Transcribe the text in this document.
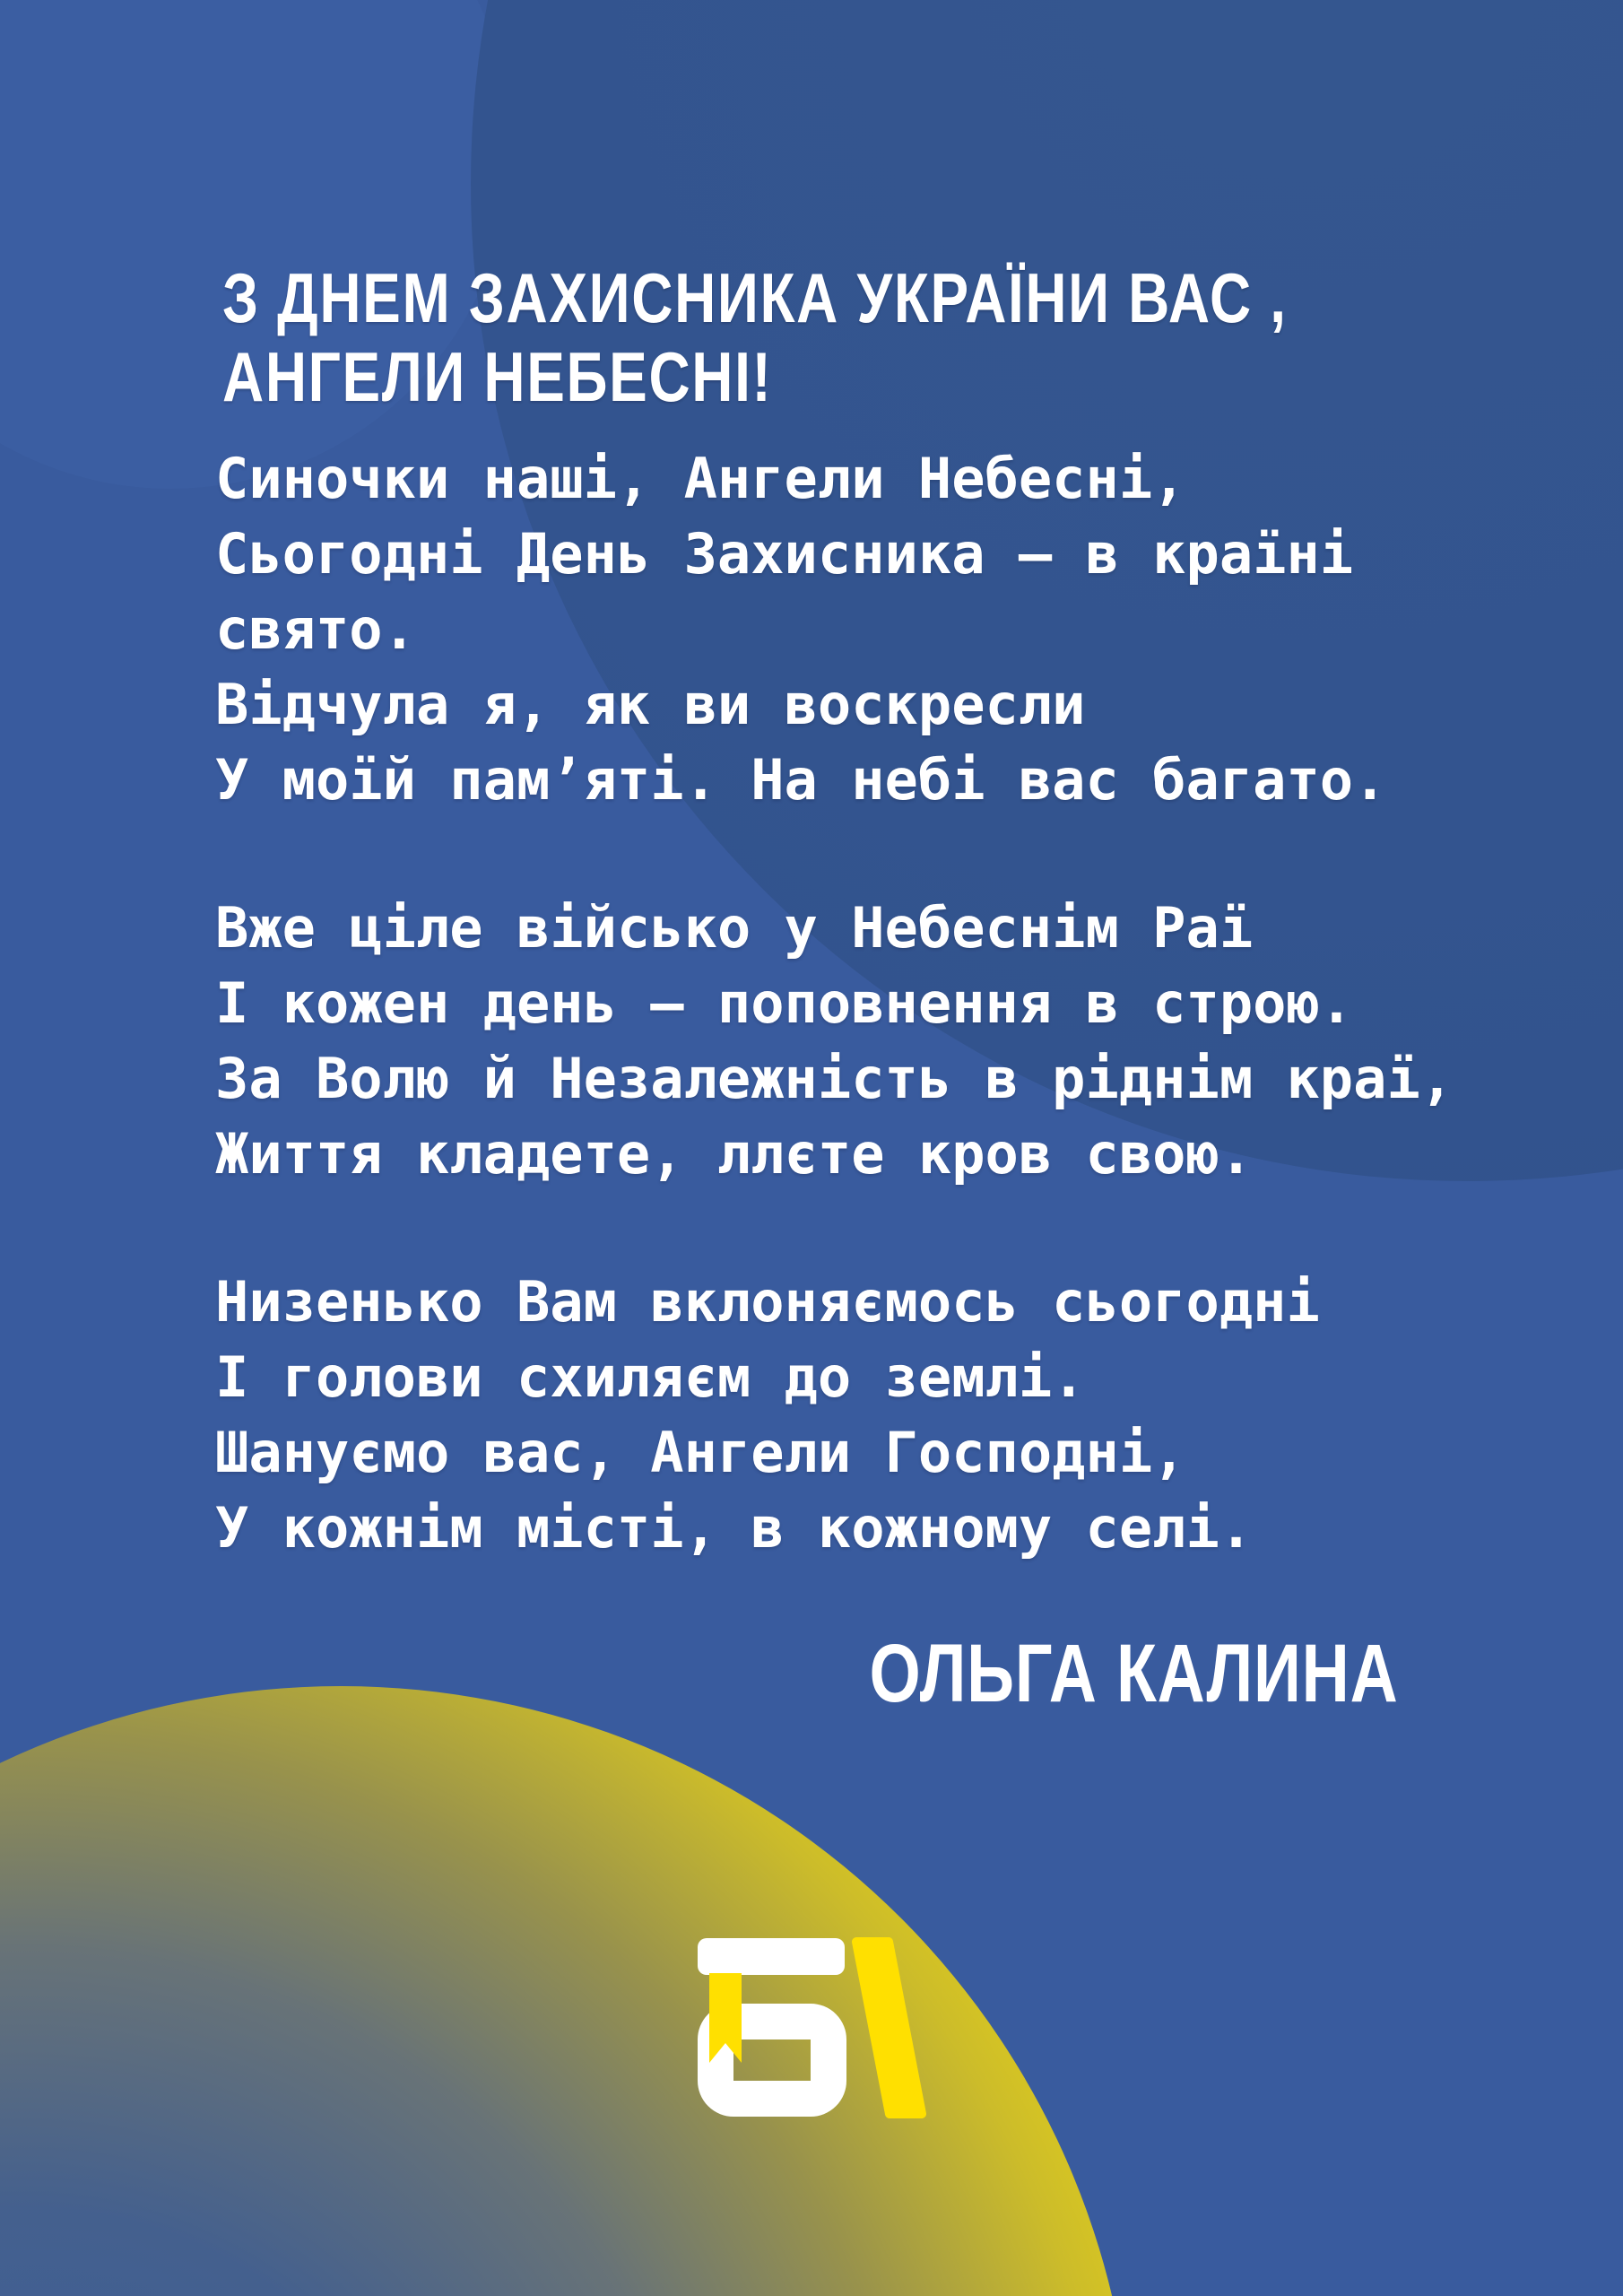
З ДНЕМ ЗАХИСНИКА УКРАЇНИ ВАС ,
АНГЕЛИ НЕБЕСНІ!

Синочки наші, Ангели Небесні,
Сьогодні День Захисника — в країні
свято.
Відчула я, як ви воскресли
У моїй пам’яті. На небі вас багато.

Вже ціле військо у Небеснім Раї
І кожен день — поповнення в строю.
За Волю й Незалежність в ріднім краї,
Життя кладете, ллєте кров свою.

Низенько Вам вклоняємось сьогодні
І голови схиляєм до землі.
Шануємо вас, Ангели Господні,
У кожнім місті, в кожному селі.

ОЛЬГА КАЛИНА
